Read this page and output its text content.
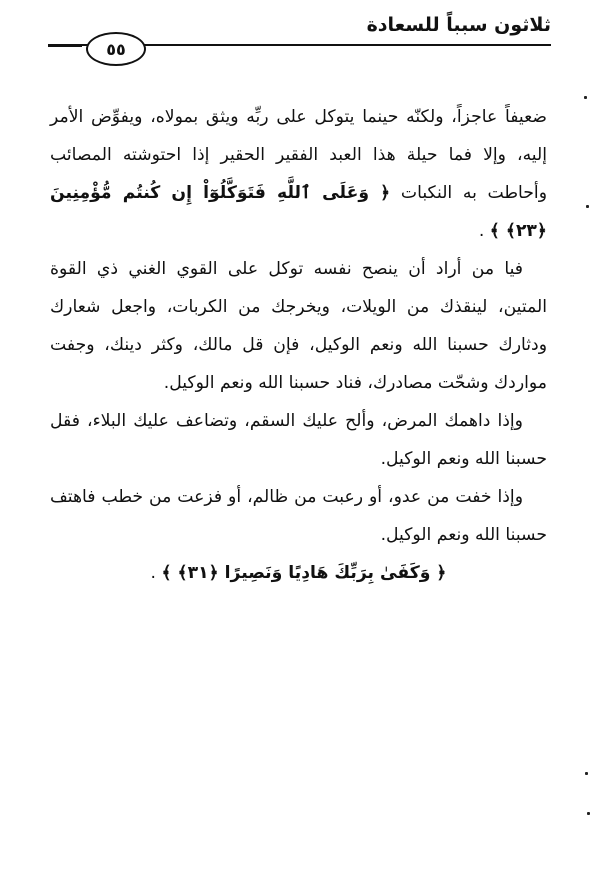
ثلاثون سبباً للسعادة
٥٥

ضعيفاً عاجزاً، ولكنّه حينما يتوكل على ربِّه ويثق بمولاه، ويفوِّض الأمر إليه، وإلا فما حيلة هذا العبد الفقير الحقير إذا احتوشته المصائب وأحاطت به النكبات ﴿ وَعَلَى ٱللَّهِ فَتَوَكَّلُوٓاْ إِن كُنتُم مُّؤْمِنِينَ ﴿٢٣﴾ ﴾ .

فيا من أراد أن ينصح نفسه توكل على القوي الغني ذي القوة المتين، لينقذك من الويلات، ويخرجك من الكربات، واجعل شعارك ودثارك حسبنا الله ونعم الوكيل، فإن قل مالك، وكثر دينك، وجفت مواردك وشحّت مصادرك، فناد حسبنا الله ونعم الوكيل.

وإذا داهمك المرض، وألح عليك السقم، وتضاعف عليك البلاء، فقل حسبنا الله ونعم الوكيل.

وإذا خفت من عدو، أو رعبت من ظالم، أو فزعت من خطب فاهتف حسبنا الله ونعم الوكيل.

﴿ وَكَفَىٰ بِرَبِّكَ هَادِيًا وَنَصِيرًا ﴿٣١﴾ ﴾ .
